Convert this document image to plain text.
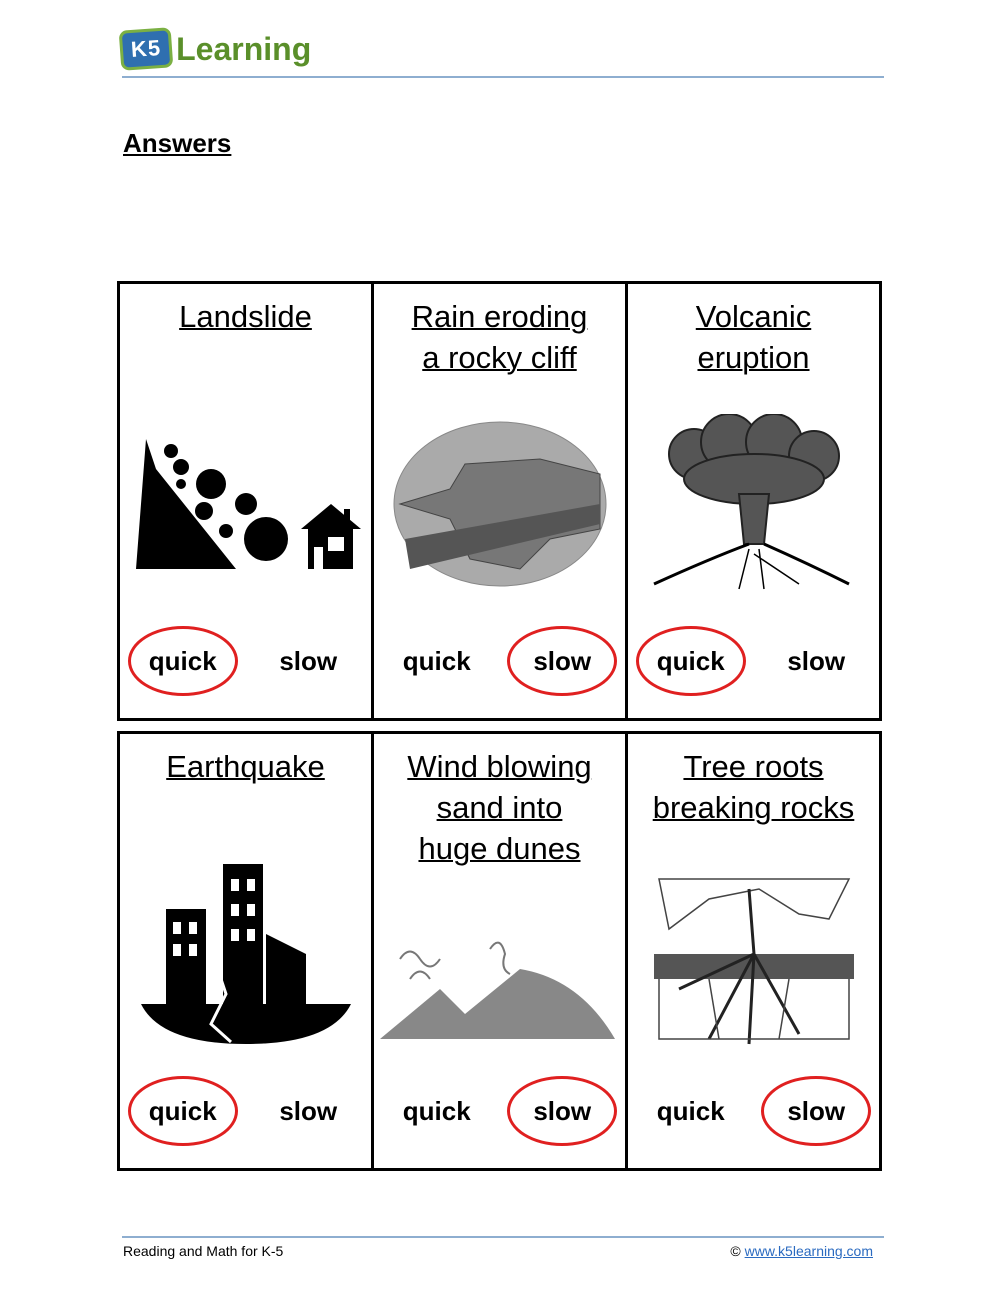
K5 Learning
Answers
Landslide
quick	slow
Rain eroding
a rocky cliff
quick	slow
Volcanic
eruption
quick	slow
Earthquake
quick	slow
Wind blowing
sand into
huge dunes
quick	slow
Tree roots
breaking rocks
quick	slow
Reading and Math for K-5	© www.k5learning.com
